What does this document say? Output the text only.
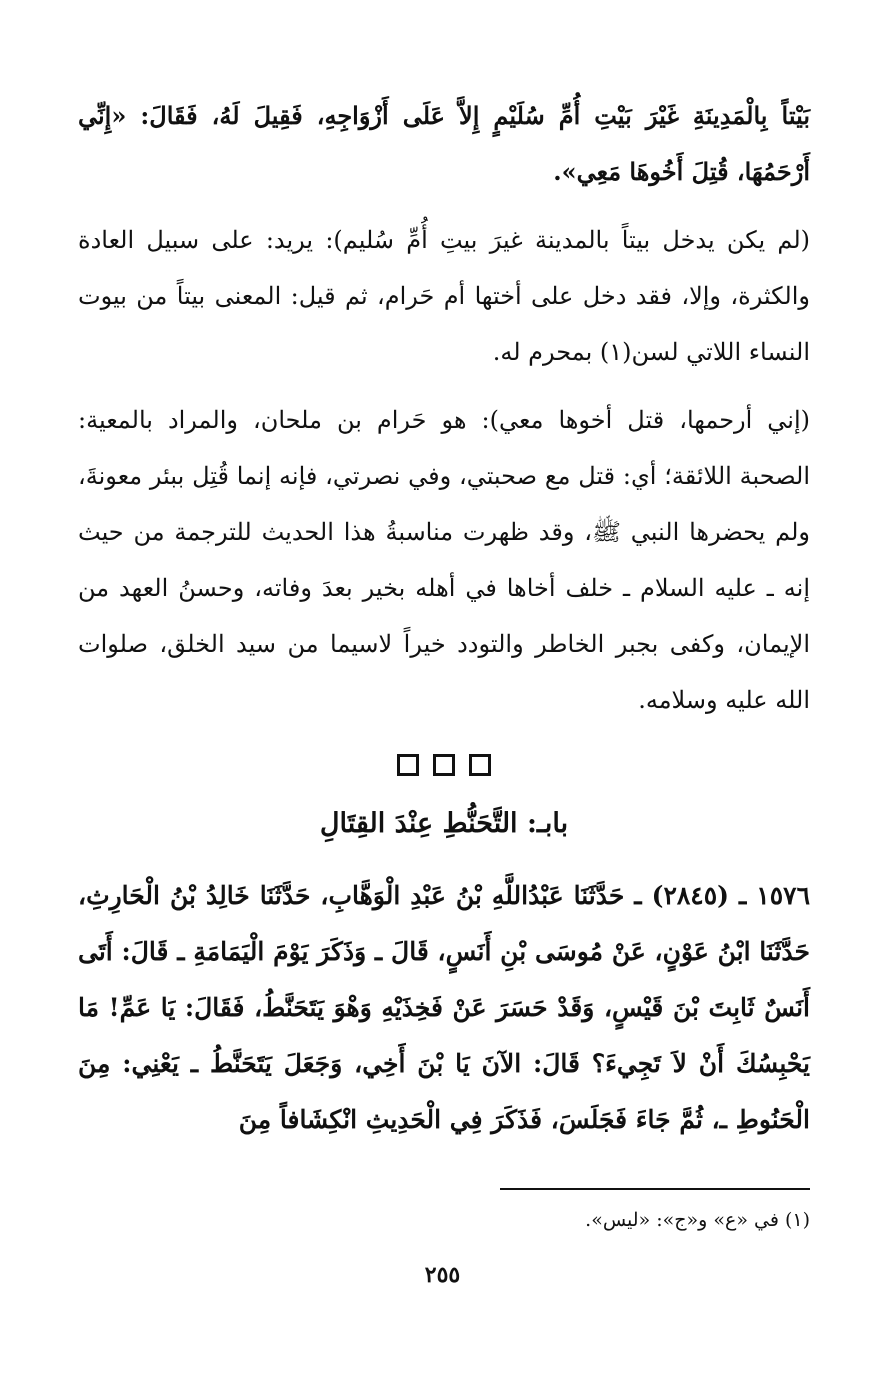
بَيْتاً بِالْمَدِينَةِ غَيْرَ بَيْتِ أُمِّ سُلَيْمٍ إِلاَّ عَلَى أَزْوَاجِهِ، فَقِيلَ لَهُ، فَقَالَ: «إِنِّي أَرْحَمُهَا، قُتِلَ أَخُوهَا مَعِي».

(لم يكن يدخل بيتاً بالمدينة غيرَ بيتِ أُمِّ سُليم): يريد: على سبيل العادة والكثرة، وإلا، فقد دخل على أختها أم حَرام، ثم قيل: المعنى بيتاً من بيوت النساء اللاتي لسن(١) بمحرم له.

(إني أرحمها، قتل أخوها معي): هو حَرام بن ملحان، والمراد بالمعية: الصحبة اللائقة؛ أي: قتل مع صحبتي، وفي نصرتي، فإنه إنما قُتِل ببئر معونةَ، ولم يحضرها النبي ﷺ، وقد ظهرت مناسبةُ هذا الحديث للترجمة من حيث إنه ـ عليه السلام ـ خلف أخاها في أهله بخير بعدَ وفاته، وحسنُ العهد من الإيمان، وكفى بجبر الخاطر والتودد خيراً لاسيما من سيد الخلق، صلوات الله عليه وسلامه.

بابـ: التَّحَنُّطِ عِنْدَ القِتَالِ

١٥٧٦ ـ (٢٨٤٥) ـ حَدَّثَنَا عَبْدُاللَّهِ بْنُ عَبْدِ الْوَهَّابِ، حَدَّثَنَا خَالِدُ بْنُ الْحَارِثِ، حَدَّثَنَا ابْنُ عَوْنٍ، عَنْ مُوسَى بْنِ أَنَسٍ، قَالَ ـ وَذَكَرَ يَوْمَ الْيَمَامَةِ ـ قَالَ: أَتَى أَنَسٌ ثَابِتَ بْنَ قَيْسٍ، وَقَدْ حَسَرَ عَنْ فَخِذَيْهِ وَهْوَ يَتَحَنَّطُ، فَقَالَ: يَا عَمِّ! مَا يَحْبِسُكَ أَنْ لاَ تَجِيءَ؟ قَالَ: الآنَ يَا بْنَ أَخِي، وَجَعَلَ يَتَحَنَّطُ ـ يَعْنِي: مِنَ الْحَنُوطِ ـ، ثُمَّ جَاءَ فَجَلَسَ، فَذَكَرَ فِي الْحَدِيثِ انْكِشَافاً مِنَ

(١) في «ع» و«ج»: «ليس».
٢٥٥
